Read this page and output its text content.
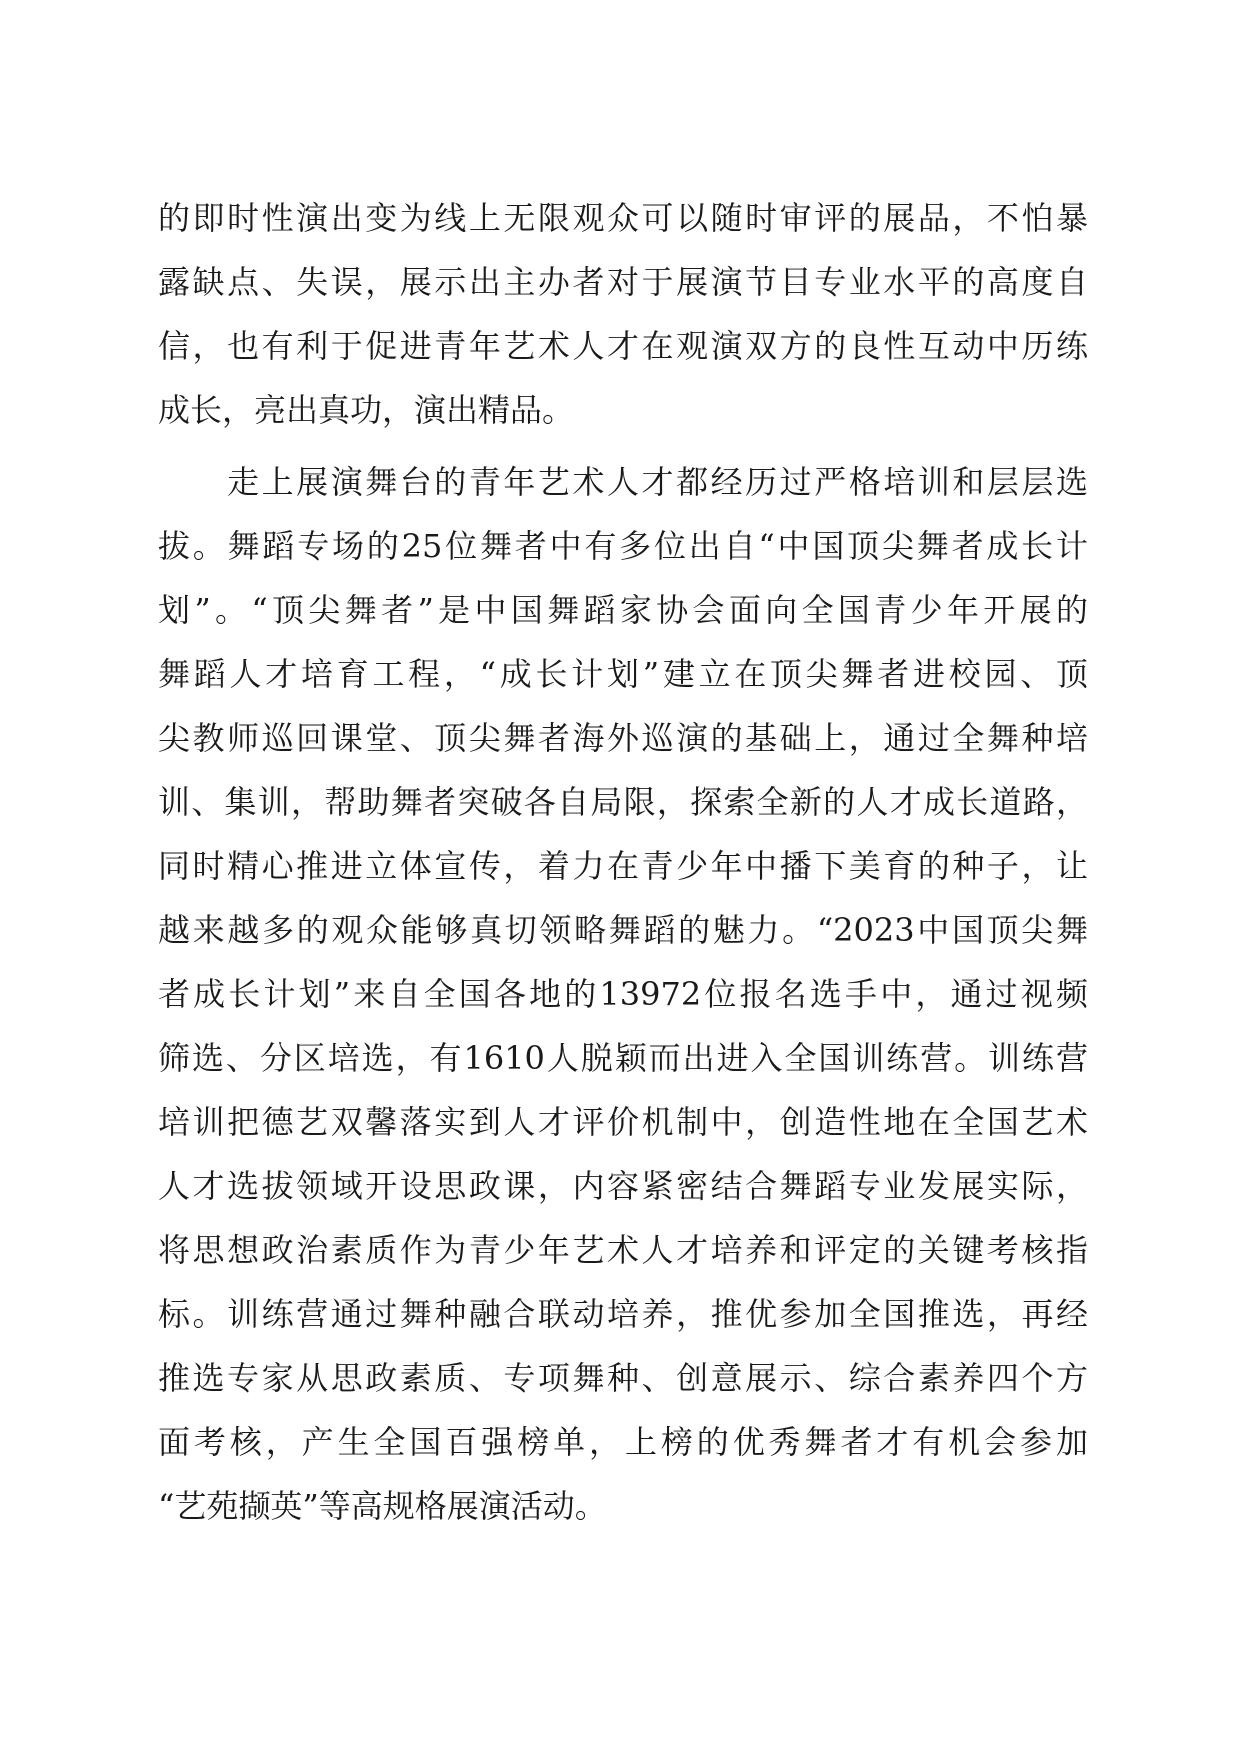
的即时性演出变为线上无限观众可以随时审评的展品，不怕暴
露缺点、失误，展示出主办者对于展演节目专业水平的高度自
信，也有利于促进青年艺术人才在观演双方的良性互动中历练
成长，亮出真功，演出精品。
　　走上展演舞台的青年艺术人才都经历过严格培训和层层选
拔。舞蹈专场的25位舞者中有多位出自“中国顶尖舞者成长计
划”。“顶尖舞者”是中国舞蹈家协会面向全国青少年开展的
舞蹈人才培育工程，“成长计划”建立在顶尖舞者进校园、顶
尖教师巡回课堂、顶尖舞者海外巡演的基础上，通过全舞种培
训、集训，帮助舞者突破各自局限，探索全新的人才成长道路，
同时精心推进立体宣传，着力在青少年中播下美育的种子，让
越来越多的观众能够真切领略舞蹈的魅力。“2023中国顶尖舞
者成长计划”来自全国各地的13972位报名选手中，通过视频
筛选、分区培选，有1610人脱颖而出进入全国训练营。训练营
培训把德艺双馨落实到人才评价机制中，创造性地在全国艺术
人才选拔领域开设思政课，内容紧密结合舞蹈专业发展实际，
将思想政治素质作为青少年艺术人才培养和评定的关键考核指
标。训练营通过舞种融合联动培养，推优参加全国推选，再经
推选专家从思政素质、专项舞种、创意展示、综合素养四个方
面考核，产生全国百强榜单，上榜的优秀舞者才有机会参加
“艺苑撷英”等高规格展演活动。
